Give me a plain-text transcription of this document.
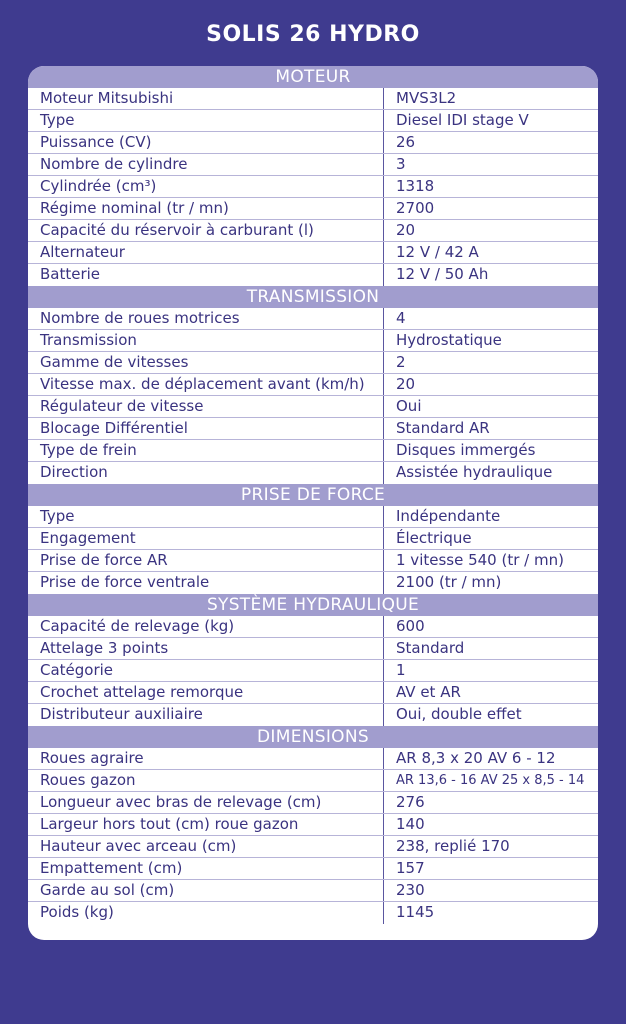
SOLIS 26 HYDRO
MOTEUR
Moteur Mitsubishi	MVS3L2
Type	Diesel IDI stage V
Puissance (CV)	26
Nombre de cylindre	3
Cylindrée (cm³)	1318
Régime nominal (tr / mn)	2700
Capacité du réservoir à carburant (l)	20
Alternateur	12 V / 42 A
Batterie	12 V / 50 Ah
TRANSMISSION
Nombre de roues motrices	4
Transmission	Hydrostatique
Gamme de vitesses	2
Vitesse max. de déplacement avant (km/h)	20
Régulateur de vitesse	Oui
Blocage Différentiel	Standard AR
Type de frein	Disques immergés
Direction	Assistée hydraulique
PRISE DE FORCE
Type	Indépendante
Engagement	Électrique
Prise de force AR	1 vitesse 540 (tr / mn)
Prise de force ventrale	2100 (tr / mn)
SYSTÈME HYDRAULIQUE
Capacité de relevage (kg)	600
Attelage 3 points	Standard
Catégorie	1
Crochet attelage remorque	AV et AR
Distributeur auxiliaire	Oui, double effet
DIMENSIONS
Roues agraire	AR 8,3 x 20 AV 6 - 12
Roues gazon	AR 13,6 - 16 AV 25 x 8,5 - 14
Longueur avec bras de relevage (cm)	276
Largeur hors tout (cm) roue gazon	140
Hauteur avec arceau (cm)	238, replié 170
Empattement (cm)	157
Garde au sol (cm)	230
Poids (kg)	1145
